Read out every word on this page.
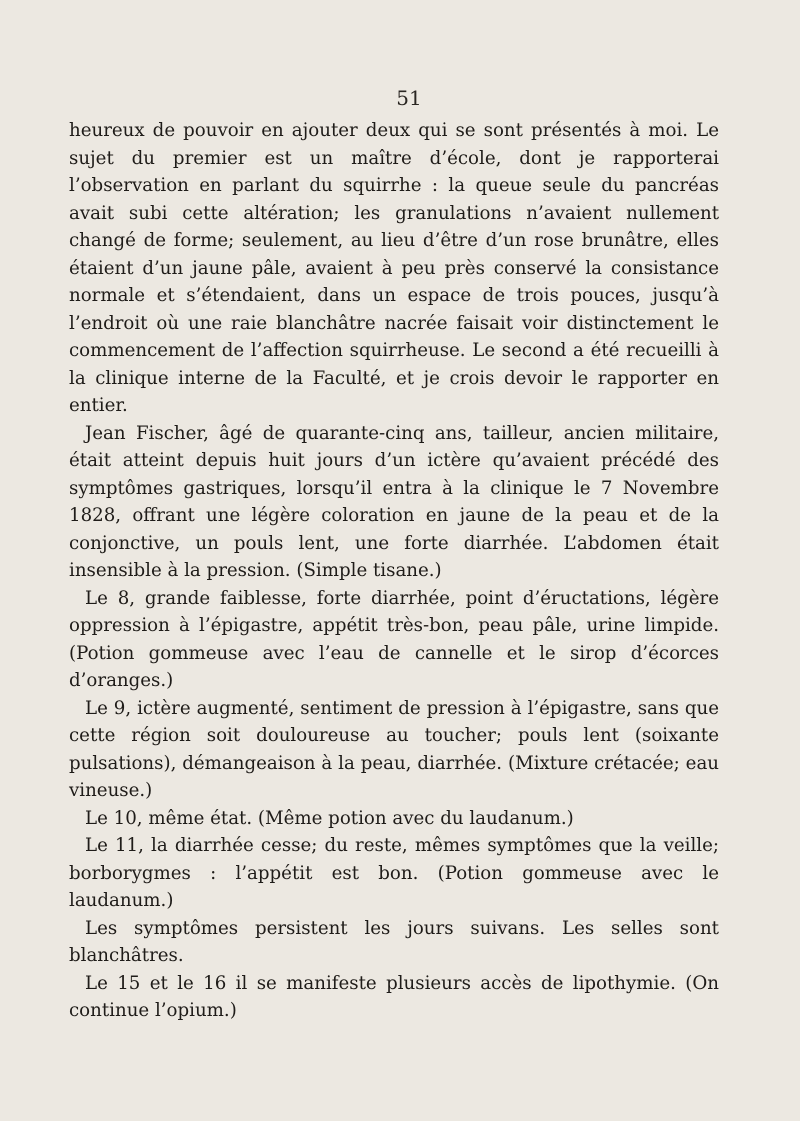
51

heureux de pouvoir en ajouter deux qui se sont présentés à moi. Le sujet du premier est un maître d’école, dont je rapporterai l’observation en parlant du squirrhe : la queue seule du pancréas avait subi cette altération; les granulations n’avaient nullement changé de forme; seulement, au lieu d’être d’un rose brunâtre, elles étaient d’un jaune pâle, avaient à peu près conservé la consistance normale et s’étendaient, dans un espace de trois pouces, jusqu’à l’endroit où une raie blanchâtre nacrée faisait voir distinctement le commencement de l’affection squirrheuse. Le second a été recueilli à la clinique interne de la Faculté, et je crois devoir le rapporter en entier.

Jean Fischer, âgé de quarante-cinq ans, tailleur, ancien militaire, était atteint depuis huit jours d’un ictère qu’avaient précédé des symptômes gastriques, lorsqu’il entra à la clinique le 7 Novembre 1828, offrant une légère coloration en jaune de la peau et de la conjonctive, un pouls lent, une forte diarrhée. L’abdomen était insensible à la pression. (Simple tisane.)

Le 8, grande faiblesse, forte diarrhée, point d’éructations, légère oppression à l’épigastre, appétit très-bon, peau pâle, urine limpide. (Potion gommeuse avec l’eau de cannelle et le sirop d’écorces d’oranges.)

Le 9, ictère augmenté, sentiment de pression à l’épigastre, sans que cette région soit douloureuse au toucher; pouls lent (soixante pulsations), démangeaison à la peau, diarrhée. (Mixture crétacée; eau vineuse.)

Le 10, même état. (Même potion avec du laudanum.)

Le 11, la diarrhée cesse; du reste, mêmes symptômes que la veille; borborygmes : l’appétit est bon. (Potion gommeuse avec le laudanum.)

Les symptômes persistent les jours suivans. Les selles sont blanchâtres.

Le 15 et le 16 il se manifeste plusieurs accès de lipothymie. (On continue l’opium.)
